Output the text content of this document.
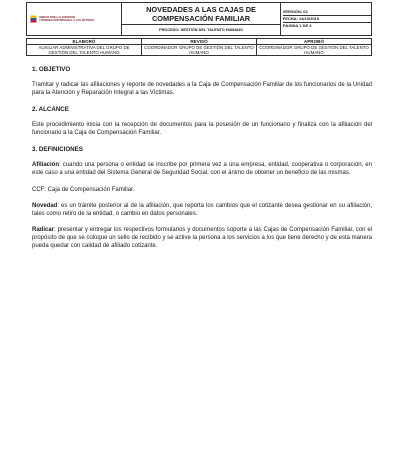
UNIDAD PARA LA ATENCIÓN
Y REPARACIÓN INTEGRAL A LAS VÍCTIMAS

NOVEDADES A LAS CAJAS DE
COMPENSACIÓN FAMILIAR
PROCESO: GESTIÓN DEL TALENTO HUMANO

VERSIÓN: 02
FECHA: 14/10/2015
PÁGINA 1 DE 3
ELABORÓ	REVISÓ	APROBÓ
AUXILIAR ADMINISTRATIVA DEL GRUPO DE GESTIÓN DEL TALENTO HUMANO	COORDINADOR GRUPO DE GESTIÓN DEL TALENTO HUMANO	COORDINADOR GRUPO DE GESTIÓN DEL TALENTO HUMANO

1. OBJETIVO

Tramitar y radicar las afiliaciones y reporte de novedades a la Caja de Compensación Familiar de los funcionarios de la Unidad para la Atención y Reparación Integral a las Víctimas.

2. ALCANCE

Este procedimiento inicia con la recepción de documentos para la posesión de un funcionario y finaliza con la afiliación del funcionario a la Caja de Compensación Familiar.

3. DEFINICIONES

Afiliación: cuando una persona o entidad se inscribe por primera vez a una empresa, entidad, cooperativa o corporación, en este caso a una entidad del Sistema General de Seguridad Social, con el ánimo de obtener un beneficio de las mismas.

CCF: Caja de Compensación Familiar.

Novedad: es un trámite posterior al de la afiliación, que reporta los cambios que el cotizante desea gestionar en su afiliación, tales como retiro de la entidad, o cambio en datos personales.

Radicar: presentar y entregar los respectivos formularios y documentos soporte a las Cajas de Compensación Familiar, con el propósito de que se coloque un sello de recibido y se active la persona a los servicios a los que tiene derecho y de esta manera pueda quedar con calidad de afiliado cotizante.
